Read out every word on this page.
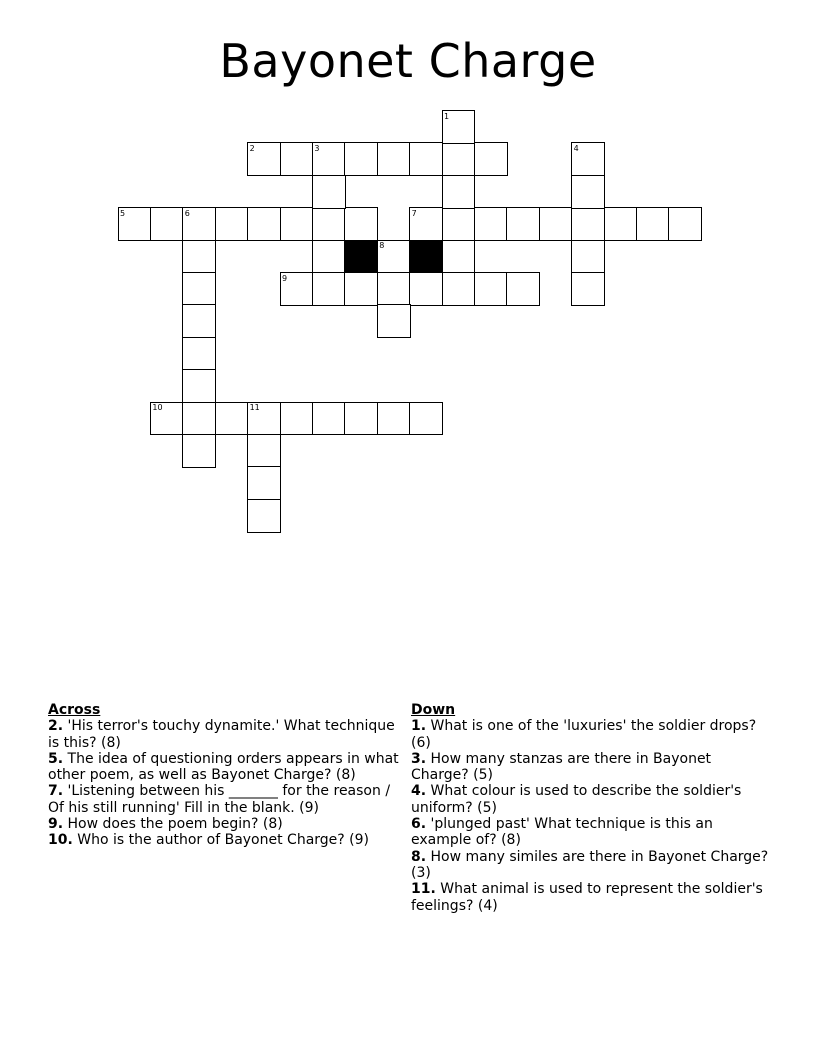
Bayonet Charge
1
2	3	4
5	6	7
8
9
10	11
Across
2. 'His terror's touchy dynamite.' What technique is this? (8)
5. The idea of questioning orders appears in what other poem, as well as Bayonet Charge? (8)
7. 'Listening between his _______ for the reason / Of his still running' Fill in the blank. (9)
9. How does the poem begin? (8)
10. Who is the author of Bayonet Charge? (9)
Down
1. What is one of the 'luxuries' the soldier drops? (6)
3. How many stanzas are there in Bayonet Charge? (5)
4. What colour is used to describe the soldier's uniform? (5)
6. 'plunged past' What technique is this an example of? (8)
8. How many similes are there in Bayonet Charge? (3)
11. What animal is used to represent the soldier's feelings? (4)
